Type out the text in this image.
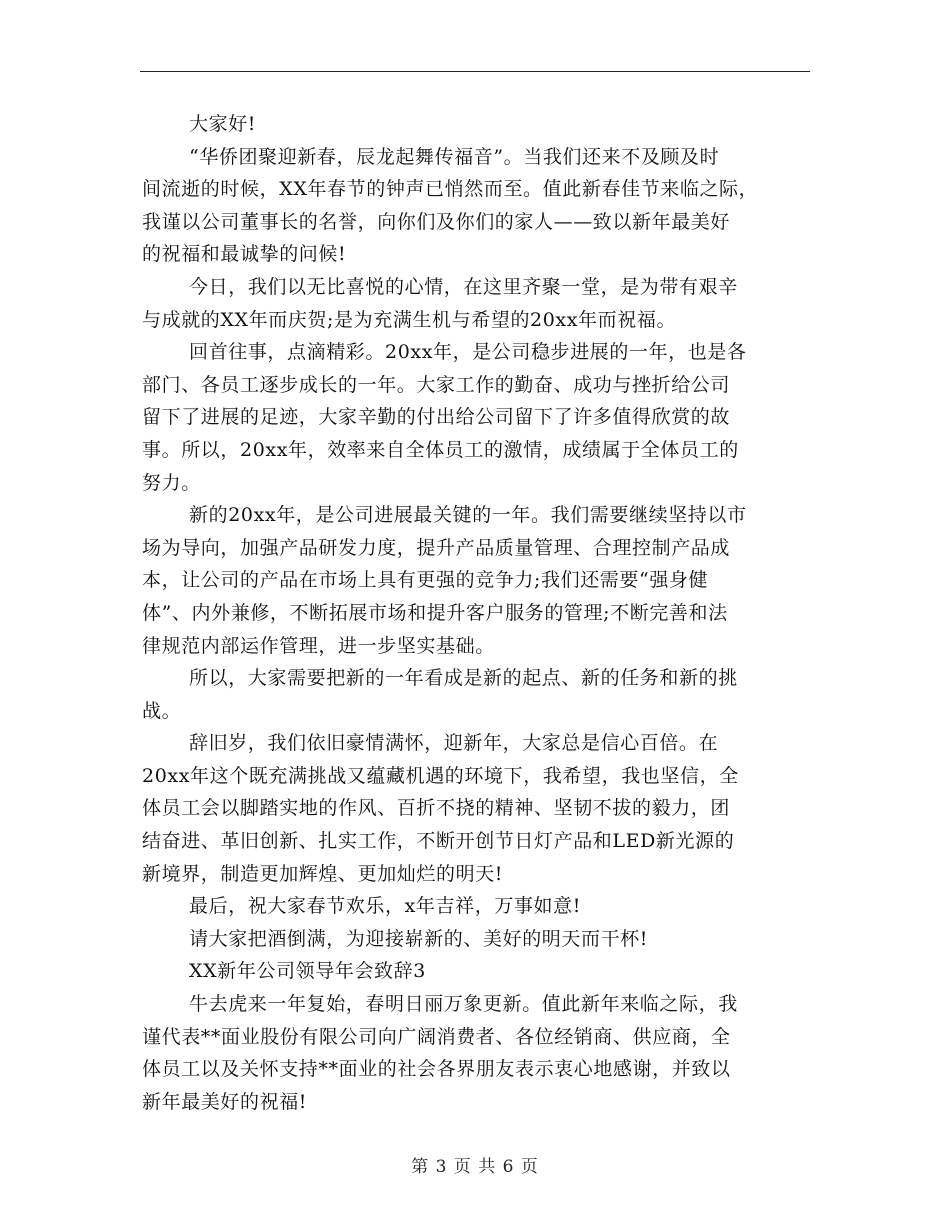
大家好!
“华侨团聚迎新春，辰龙起舞传福音”。当我们还来不及顾及时
间流逝的时候，XX年春节的钟声已悄然而至。值此新春佳节来临之际，
我谨以公司董事长的名誉，向你们及你们的家人——致以新年最美好
的祝福和最诚挚的问候!
今日，我们以无比喜悦的心情，在这里齐聚一堂，是为带有艰辛
与成就的XX年而庆贺;是为充满生机与希望的20xx年而祝福。
回首往事，点滴精彩。20xx年，是公司稳步进展的一年，也是各
部门、各员工逐步成长的一年。大家工作的勤奋、成功与挫折给公司
留下了进展的足迹，大家辛勤的付出给公司留下了许多值得欣赏的故
事。所以，20xx年，效率来自全体员工的激情，成绩属于全体员工的
努力。
新的20xx年，是公司进展最关键的一年。我们需要继续坚持以市
场为导向，加强产品研发力度，提升产品质量管理、合理控制产品成
本，让公司的产品在市场上具有更强的竞争力;我们还需要“强身健
体”、内外兼修，不断拓展市场和提升客户服务的管理;不断完善和法
律规范内部运作管理，进一步坚实基础。
所以，大家需要把新的一年看成是新的起点、新的任务和新的挑
战。
辞旧岁，我们依旧豪情满怀，迎新年，大家总是信心百倍。在
20xx年这个既充满挑战又蕴藏机遇的环境下，我希望，我也坚信，全
体员工会以脚踏实地的作风、百折不挠的精神、坚韧不拔的毅力，团
结奋进、革旧创新、扎实工作，不断开创节日灯产品和LED新光源的
新境界，制造更加辉煌、更加灿烂的明天!
最后，祝大家春节欢乐，x年吉祥，万事如意!
请大家把酒倒满，为迎接崭新的、美好的明天而干杯!
XX新年公司领导年会致辞3
牛去虎来一年复始，春明日丽万象更新。值此新年来临之际，我
谨代表**面业股份有限公司向广阔消费者、各位经销商、供应商，全
体员工以及关怀支持**面业的社会各界朋友表示衷心地感谢，并致以
新年最美好的祝福!
第 3 页 共 6 页
